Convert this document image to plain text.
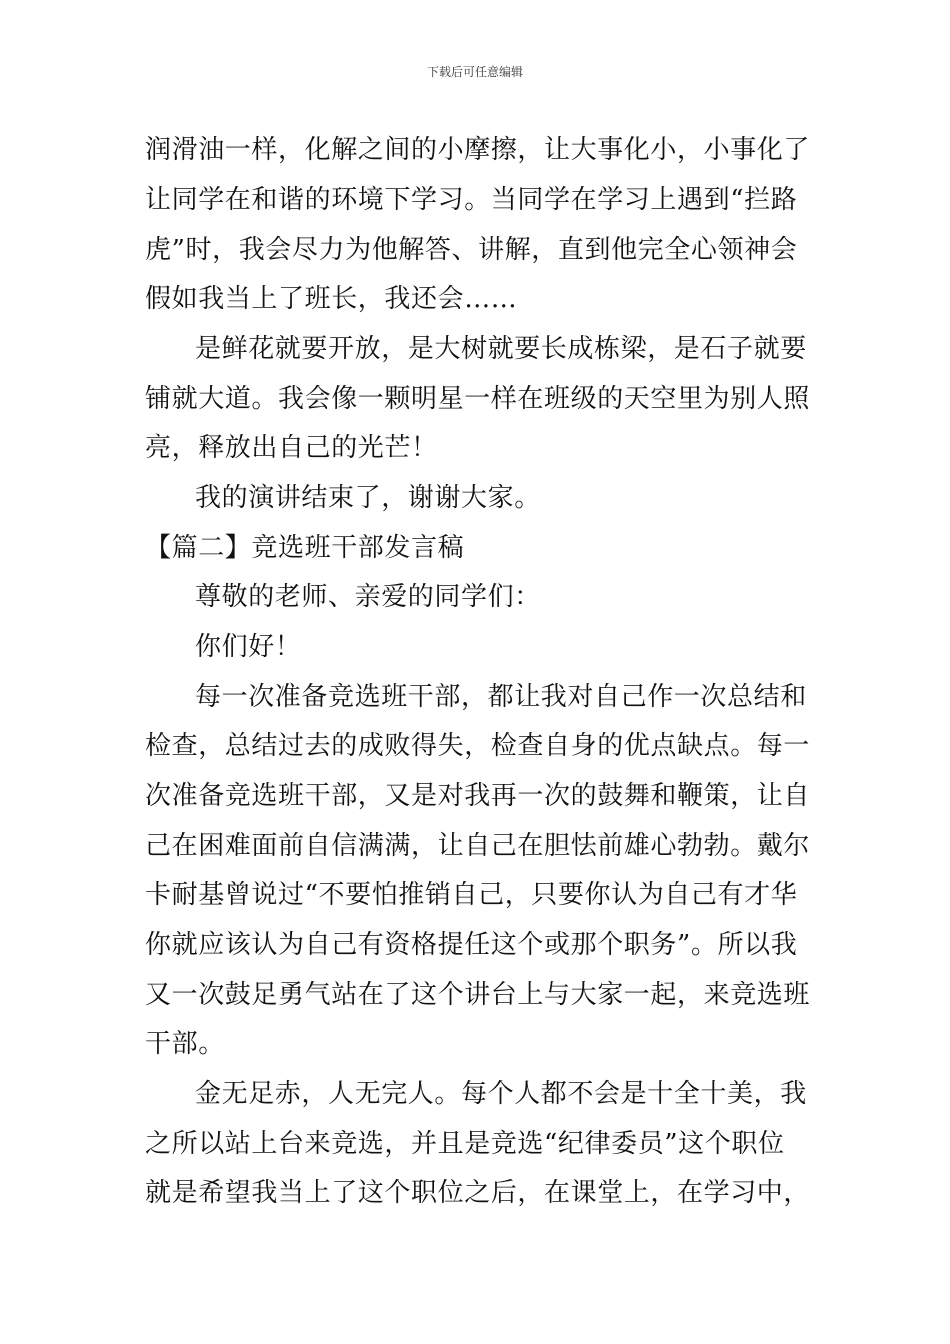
下载后可任意编辑
润滑油一样，化解之间的小摩擦，让大事化小，小事化了
让同学在和谐的环境下学习。当同学在学习上遇到“拦路
虎”时，我会尽力为他解答、讲解，直到他完全心领神会
假如我当上了班长，我还会……
是鲜花就要开放，是大树就要长成栋梁，是石子就要
铺就大道。我会像一颗明星一样在班级的天空里为别人照
亮，释放出自己的光芒！
我的演讲结束了，谢谢大家。
【篇二】竞选班干部发言稿
尊敬的老师、亲爱的同学们：
你们好！
每一次准备竞选班干部，都让我对自己作一次总结和
检查，总结过去的成败得失，检查自身的优点缺点。每一
次准备竞选班干部，又是对我再一次的鼓舞和鞭策，让自
己在困难面前自信满满，让自己在胆怯前雄心勃勃。戴尔
卡耐基曾说过“不要怕推销自己，只要你认为自己有才华
你就应该认为自己有资格提任这个或那个职务”。所以我
又一次鼓足勇气站在了这个讲台上与大家一起，来竞选班
干部。
金无足赤，人无完人。每个人都不会是十全十美，我
之所以站上台来竞选，并且是竞选“纪律委员”这个职位
就是希望我当上了这个职位之后，在课堂上，在学习中，
